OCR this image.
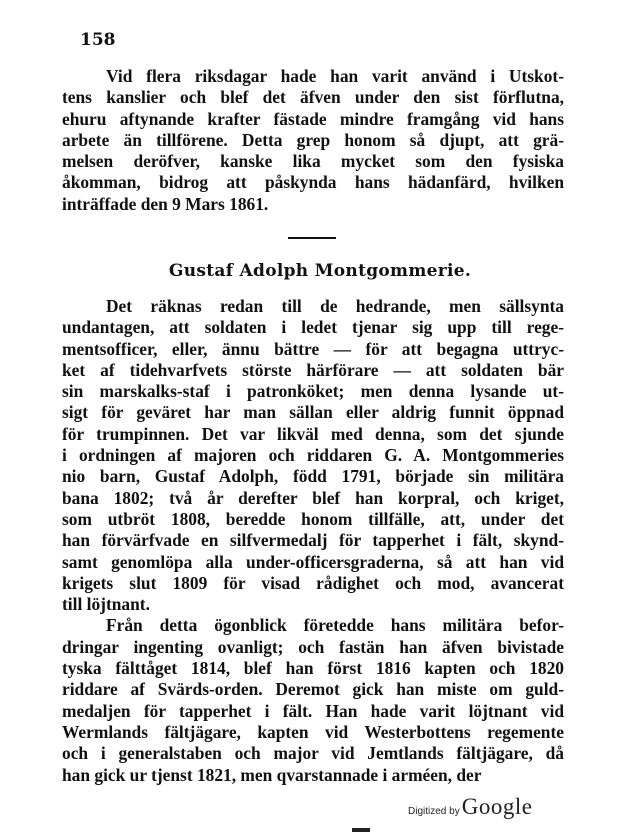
158
Vid flera riksdagar hade han varit använd i Utskot-
tens kanslier och blef det äfven under den sist förflutna,
ehuru aftynande krafter fästade mindre framgång vid hans
arbete än tillförene. Detta grep honom så djupt, att grä-
melsen deröfver, kanske lika mycket som den fysiska
åkomman, bidrog att påskynda hans hädanfärd, hvilken
inträffade den 9 Mars 1861.
Gustaf Adolph Montgommerie.
Det räknas redan till de hedrande, men sällsynta
undantagen, att soldaten i ledet tjenar sig upp till rege-
mentsofficer, eller, ännu bättre — för att begagna uttryc-
ket af tidehvarfvets störste härförare — att soldaten bär
sin marskalks-staf i patronköket; men denna lysande ut-
sigt för geväret har man sällan eller aldrig funnit öppnad
för trumpinnen. Det var likväl med denna, som det sjunde
i ordningen af majoren och riddaren G. A. Montgommeries
nio barn, Gustaf Adolph, född 1791, började sin militära
bana 1802; två år derefter blef han korpral, och kriget,
som utbröt 1808, beredde honom tillfälle, att, under det
han förvärfvade en silfvermedalj för tapperhet i fält, skynd-
samt genomlöpa alla under-officersgraderna, så att han vid
krigets slut 1809 för visad rådighet och mod, avancerat
till löjtnant.
Från detta ögonblick företedde hans militära befor-
dringar ingenting ovanligt; och fastän han äfven bivistade
tyska fälttåget 1814, blef han först 1816 kapten och 1820
riddare af Svärds-orden. Deremot gick han miste om guld-
medaljen för tapperhet i fält. Han hade varit löjtnant vid
Wermlands fältjägare, kapten vid Westerbottens regemente
och i generalstaben och major vid Jemtlands fältjägare, då
han gick ur tjenst 1821, men qvarstannade i arméen, der
Digitized by Google
